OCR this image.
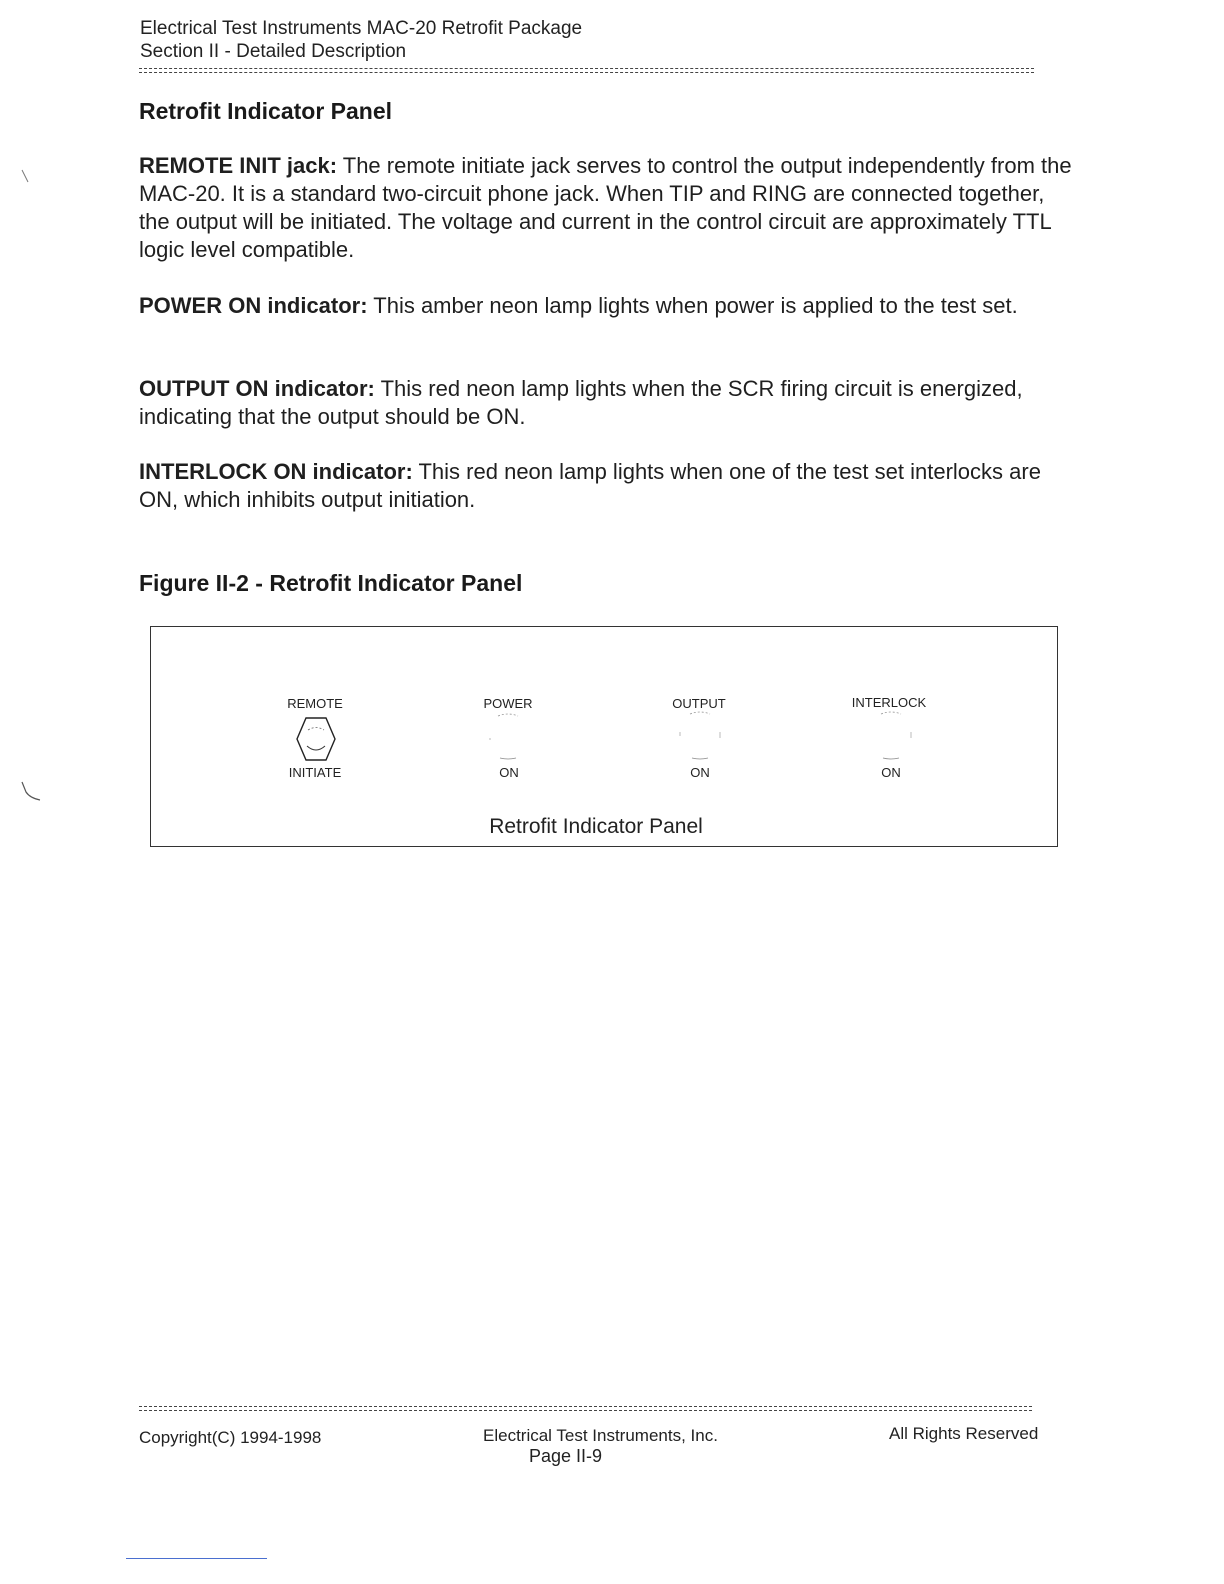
Electrical Test Instruments MAC-20 Retrofit Package
Section II - Detailed Description
Retrofit Indicator Panel
REMOTE INIT jack: The remote initiate jack serves to control the output independently from the MAC-20. It is a standard two-circuit phone jack. When TIP and RING are connected together, the output will be initiated. The voltage and current in the control circuit are approximately TTL logic level compatible.
POWER ON indicator: This amber neon lamp lights when power is applied to the test set.
OUTPUT ON indicator: This red neon lamp lights when the SCR firing circuit is energized, indicating that the output should be ON.
INTERLOCK ON indicator: This red neon lamp lights when one of the test set interlocks are ON, which inhibits output initiation.
Figure II-2 - Retrofit Indicator Panel
REMOTE
INITIATE
POWER
ON
OUTPUT
ON
INTERLOCK
ON
Retrofit Indicator Panel
Copyright(C) 1994-1998	Electrical Test Instruments, Inc.	All Rights Reserved
Page II-9
